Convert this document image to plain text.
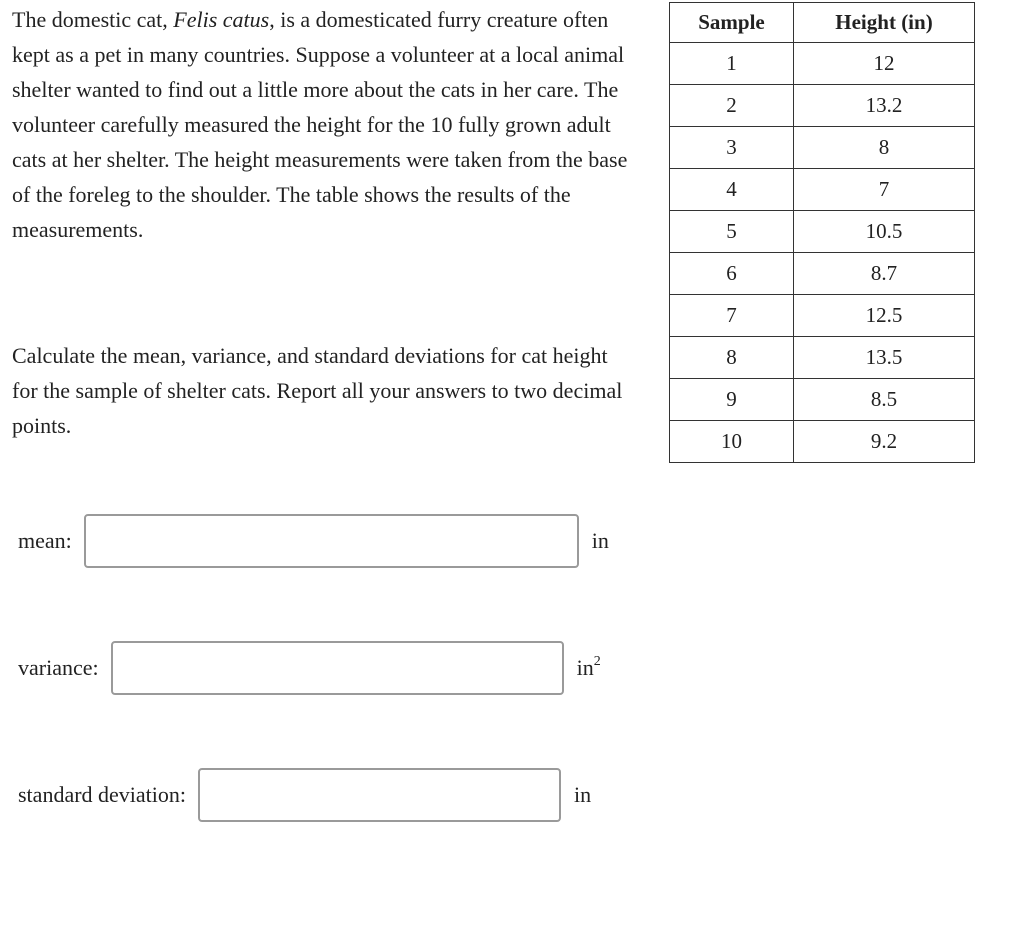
The domestic cat, Felis catus, is a domesticated furry creature often kept as a pet in many countries. Suppose a volunteer at a local animal shelter wanted to find out a little more about the cats in her care. The volunteer carefully measured the height for the 10 fully grown adult cats at her shelter. The height measurements were taken from the base of the foreleg to the shoulder. The table shows the results of the measurements.

Calculate the mean, variance, and standard deviations for cat height for the sample of shelter cats. Report all your answers to two decimal points.

Sample	Height (in)
1	12
2	13.2
3	8
4	7
5	10.5
6	8.7
7	12.5
8	13.5
9	8.5
10	9.2
mean:	in
variance:	$in^2$
standard deviation:	in
